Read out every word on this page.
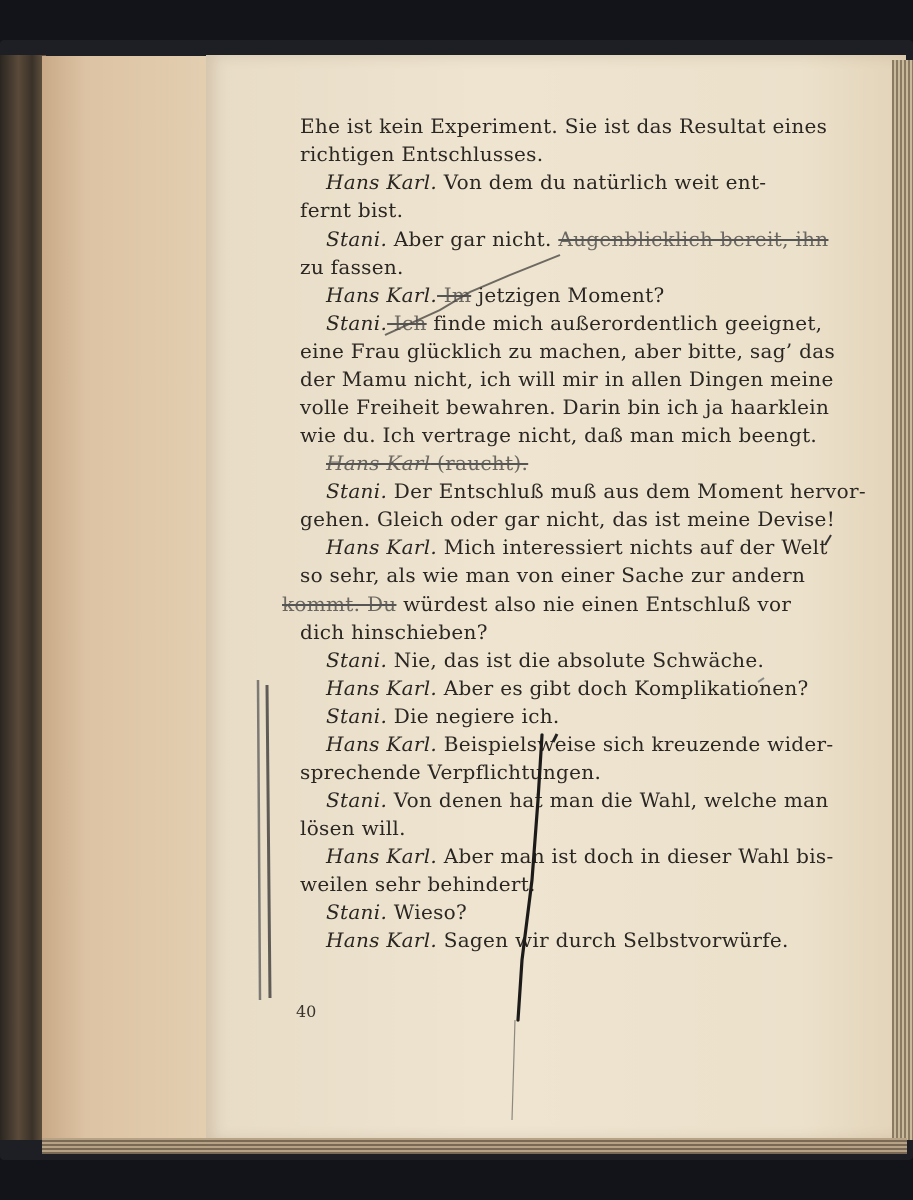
Ehe ist kein Experiment. Sie ist das Resultat eines
richtigen Entschlusses.
Hans Karl. Von dem du natürlich weit ent-
fernt bist.
Stani. Aber gar nicht. Augenblicklich bereit, ihn
zu fassen.
Hans Karl. Im jetzigen Moment?
Stani. Ich finde mich außerordentlich geeignet,
eine Frau glücklich zu machen, aber bitte, sag’ das
der Mamu nicht, ich will mir in allen Dingen meine
volle Freiheit bewahren. Darin bin ich ja haarklein
wie du. Ich vertrage nicht, daß man mich beengt.
Hans Karl (raucht).
Stani. Der Entschluß muß aus dem Moment hervor-
gehen. Gleich oder gar nicht, das ist meine Devise!
Hans Karl. Mich interessiert nichts auf der Welt
so sehr, als wie man von einer Sache zur andern
kommt. Du würdest also nie einen Entschluß vor
dich hinschieben?
Stani. Nie, das ist die absolute Schwäche.
Hans Karl. Aber es gibt doch Komplikationen?
Stani. Die negiere ich.
Hans Karl. Beispielsweise sich kreuzende wider-
sprechende Verpflichtungen.
Stani. Von denen hat man die Wahl, welche man
lösen will.
Hans Karl. Aber man ist doch in dieser Wahl bis-
weilen sehr behindert.
Stani. Wieso?
Hans Karl. Sagen wir durch Selbstvorwürfe.
40
